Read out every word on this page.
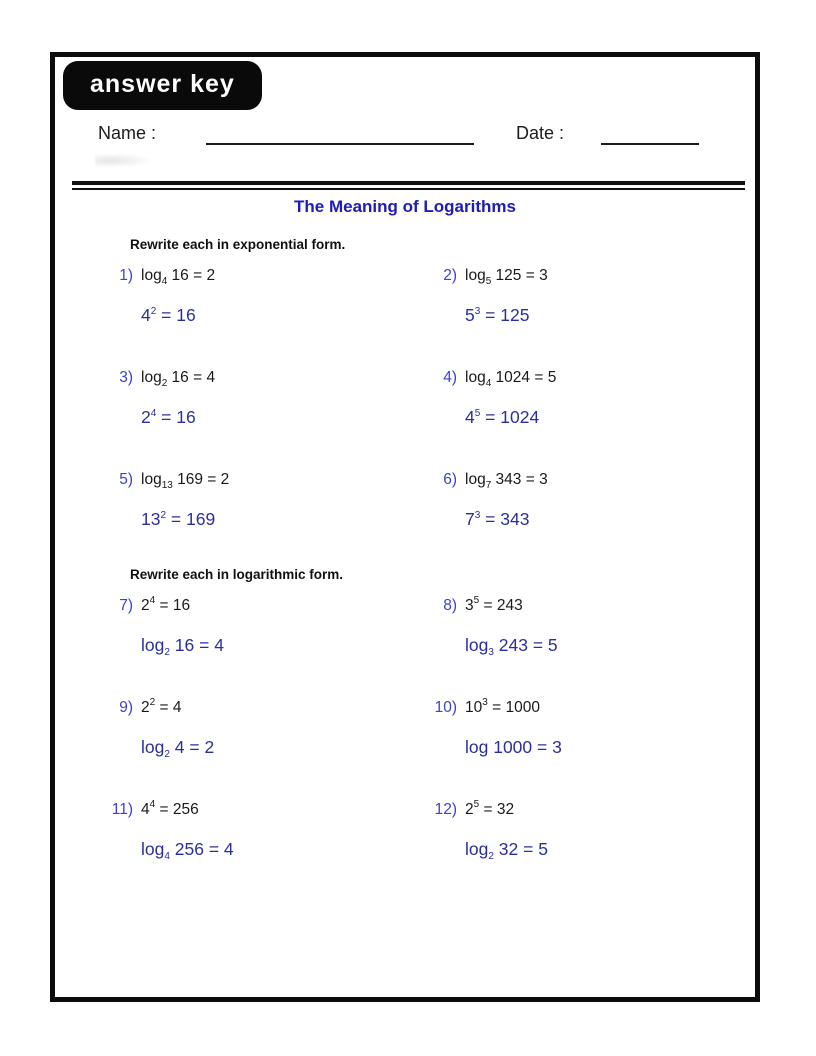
answer key
Name :	Date :
The Meaning of Logarithms
Rewrite each in exponential form.
1) $\log_4 16 = 2$
$4^2 = 16$
2) $\log_5 125 = 3$
$5^3 = 125$
3) $\log_2 16 = 4$
$2^4 = 16$
4) $\log_4 1024 = 5$
$4^5 = 1024$
5) $\log_{13} 169 = 2$
$13^2 = 169$
6) $\log_7 343 = 3$
$7^3 = 343$
Rewrite each in logarithmic form.
7) $2^4 = 16$
$\log_2 16 = 4$
8) $3^5 = 243$
$\log_3 243 = 5$
9) $2^2 = 4$
$\log_2 4 = 2$
10) $10^3 = 1000$
log 1000 = 3
11) $4^4 = 256$
$\log_4 256 = 4$
12) $2^5 = 32$
$\log_2 32 = 5$
